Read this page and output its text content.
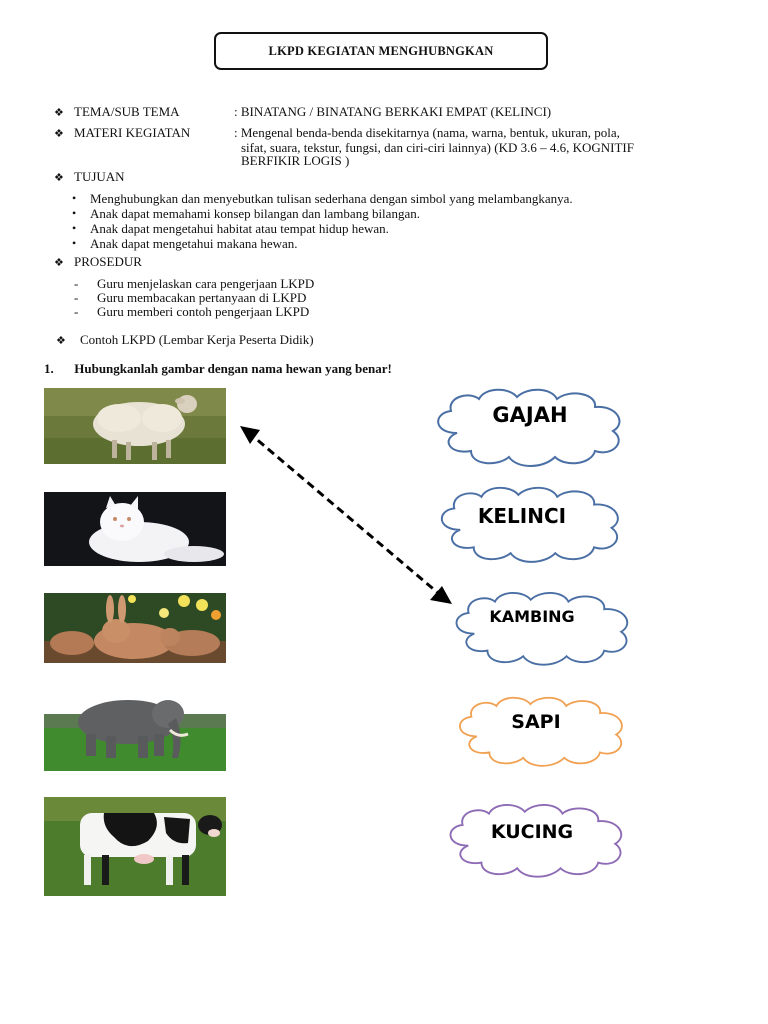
LKPD KEGIATAN MENGHUBNGKAN
❖ TEMA/SUB TEMA	: BINATANG / BINATANG BERKAKI EMPAT (KELINCI)
❖ MATERI KEGIATAN	: Mengenal benda-benda disekitarnya (nama, warna, bentuk, ukuran, pola,
sifat, suara, tekstur, fungsi, dan ciri-ciri lainnya) (KD 3.6 – 4.6, KOGNITIF
BERFIKIR LOGIS )
❖ TUJUAN
• Menghubungkan dan menyebutkan tulisan sederhana dengan simbol yang melambangkanya.
• Anak dapat memahami konsep bilangan dan lambang bilangan.
• Anak dapat mengetahui habitat atau tempat hidup hewan.
• Anak dapat mengetahui makana hewan.
❖ PROSEDUR
- Guru menjelaskan cara pengerjaan LKPD
- Guru membacakan pertanyaan di LKPD
- Guru memberi contoh pengerjaan LKPD
❖ Contoh LKPD (Lembar Kerja Peserta Didik)
1. Hubungkanlah gambar dengan nama hewan yang benar!
GAJAH
KELINCI
KAMBING
SAPI
KUCING
